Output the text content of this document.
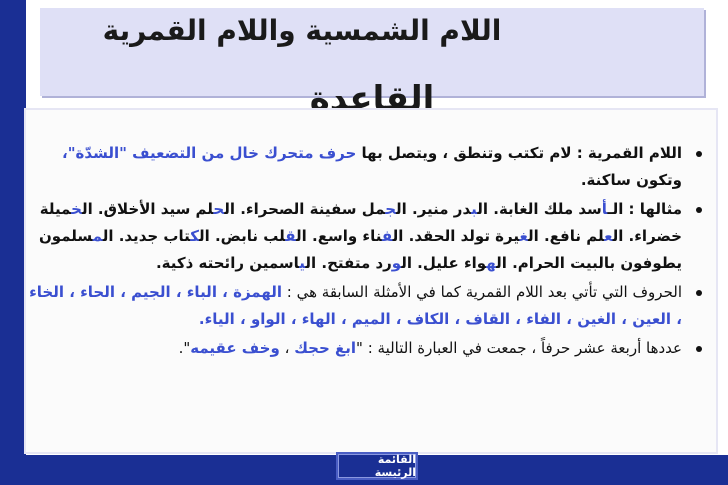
اللام الشمسية واللام القمرية
اللام القمرية : لام تكتب وتنطق ، ويتصل بها حرف متحرك خال من التضعيف "الشدّة"، وتكون ساكنة.
مثالها : الـأسد ملك الغابة. البدر منير. الجمل سفينة الصحراء. الحلم سيد الأخلاق. الخميلة خضراء. العلم نافع. الغيرة تولد الحقد. الفناء واسع. القلب نابض. الكتاب جديد. المسلمون يطوفون بالبيت الحرام. الهواء عليل. الورد متفتح. الياسمين رائحته ذكية.
الحروف التي تأتي بعد اللام القمرية كما في الأمثلة السابقة هي : الهمزة ، الباء ، الجيم ، الحاء ، الخاء ، العين ، الغين ، الفاء ، القاف ، الكاف ، الميم ، الهاء ، الواو ، الياء.
عددها أربعة عشر حرفاً ، جمعت في العبارة التالية : "ابغ حجك ، وخف عقيمه".
القائمة الرئيسة
